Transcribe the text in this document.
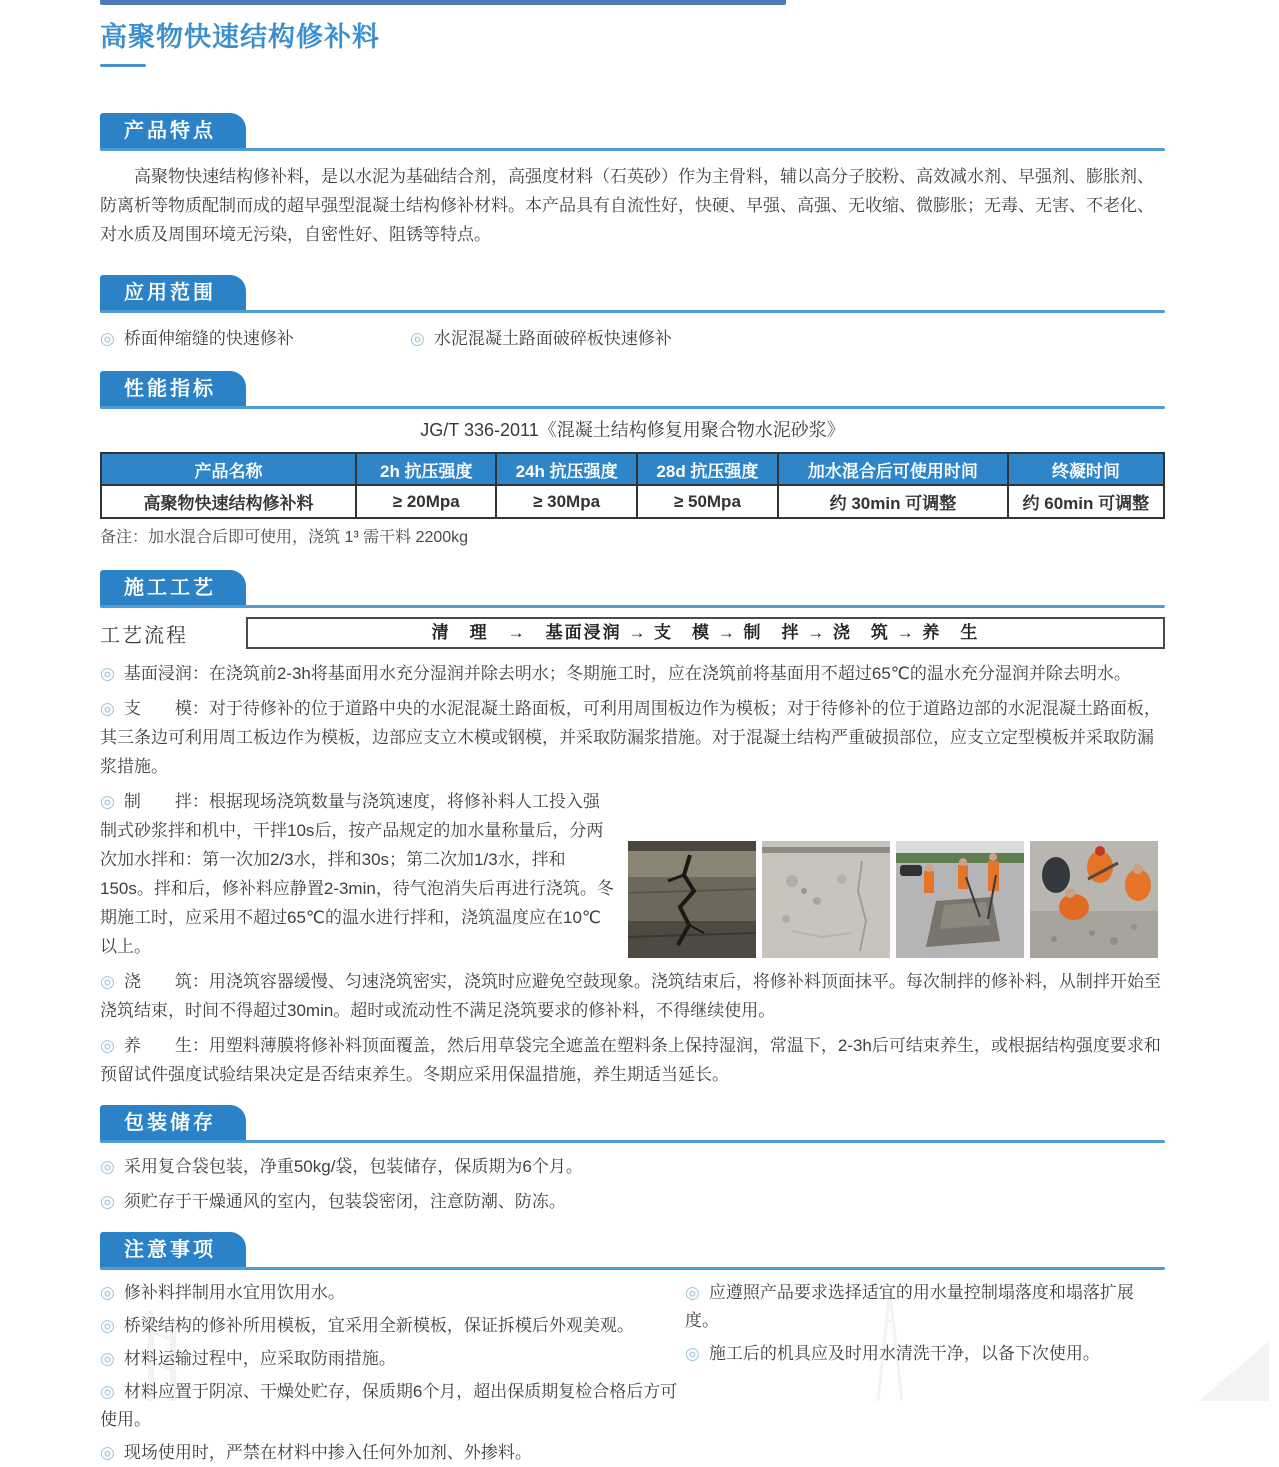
高聚物快速结构修补料
产品特点

高聚物快速结构修补料，是以水泥为基础结合剂，高强度材料（石英砂）作为主骨料，辅以高分子胶粉、高效减水剂、早强剂、膨胀剂、防离析等物质配制而成的超早强型混凝土结构修补材料。本产品具有自流性好，快硬、早强、高强、无收缩、微膨胀；无毒、无害、不老化、对水质及周围环境无污染，自密性好、阻锈等特点。

应用范围
◎ 桥面伸缩缝的快速修补	◎ 水泥混凝土路面破碎板快速修补
性能指标
JG/T 336-2011《混凝土结构修复用聚合物水泥砂浆》
产品名称	2h 抗压强度	24h 抗压强度	28d 抗压强度	加水混合后可使用时间	终凝时间
高聚物快速结构修补料	≥ 20Mpa	≥ 30Mpa	≥ 50Mpa	约 30min 可调整	约 60min 可调整
备注：加水混合后即可使用，浇筑 1³ 需干料 2200kg
施工工艺
工艺流程	清　理　→　基面浸润 → 支　模 → 制　拌 → 浇　筑 → 养　生

◎ 基面浸润：在浇筑前2-3h将基面用水充分湿润并除去明水；冬期施工时，应在浇筑前将基面用不超过65℃的温水充分湿润并除去明水。

◎ 支　　模：对于待修补的位于道路中央的水泥混凝土路面板，可利用周围板边作为模板；对于待修补的位于道路边部的水泥混凝土路面板，其三条边可利用周工板边作为模板，边部应支立木模或钢模，并采取防漏浆措施。对于混凝土结构严重破损部位，应支立定型模板并采取防漏浆措施。

◎ 制　　拌：根据现场浇筑数量与浇筑速度，将修补料人工投入强制式砂浆拌和机中，干拌10s后，按产品规定的加水量称量后，分两次加水拌和：第一次加2/3水，拌和30s；第二次加1/3水，拌和150s。拌和后，修补料应静置2-3min，待气泡消失后再进行浇筑。冬期施工时，应采用不超过65℃的温水进行拌和，浇筑温度应在10℃以上。

◎ 浇　　筑：用浇筑容器缓慢、匀速浇筑密实，浇筑时应避免空鼓现象。浇筑结束后，将修补料顶面抹平。每次制拌的修补料，从制拌开始至浇筑结束，时间不得超过30min。超时或流动性不满足浇筑要求的修补料，不得继续使用。

◎ 养　　生：用塑料薄膜将修补料顶面覆盖，然后用草袋完全遮盖在塑料条上保持湿润，常温下，2-3h后可结束养生，或根据结构强度要求和预留试件强度试验结果决定是否结束养生。冬期应采用保温措施，养生期适当延长。

包装储存
◎ 采用复合袋包装，净重50kg/袋，包装储存，保质期为6个月。
◎ 须贮存于干燥通风的室内，包装袋密闭，注意防潮、防冻。
注意事项
◎ 修补料拌制用水宜用饮用水。
◎ 桥梁结构的修补所用模板，宜采用全新模板，保证拆模后外观美观。
◎ 材料运输过程中，应采取防雨措施。
◎ 材料应置于阴凉、干燥处贮存，保质期6个月，超出保质期复检合格后方可使用。
◎ 现场使用时，严禁在材料中掺入任何外加剂、外掺料。
◎ 应遵照产品要求选择适宜的用水量控制塌落度和塌落扩展度。
◎ 施工后的机具应及时用水清洗干净，以备下次使用。
